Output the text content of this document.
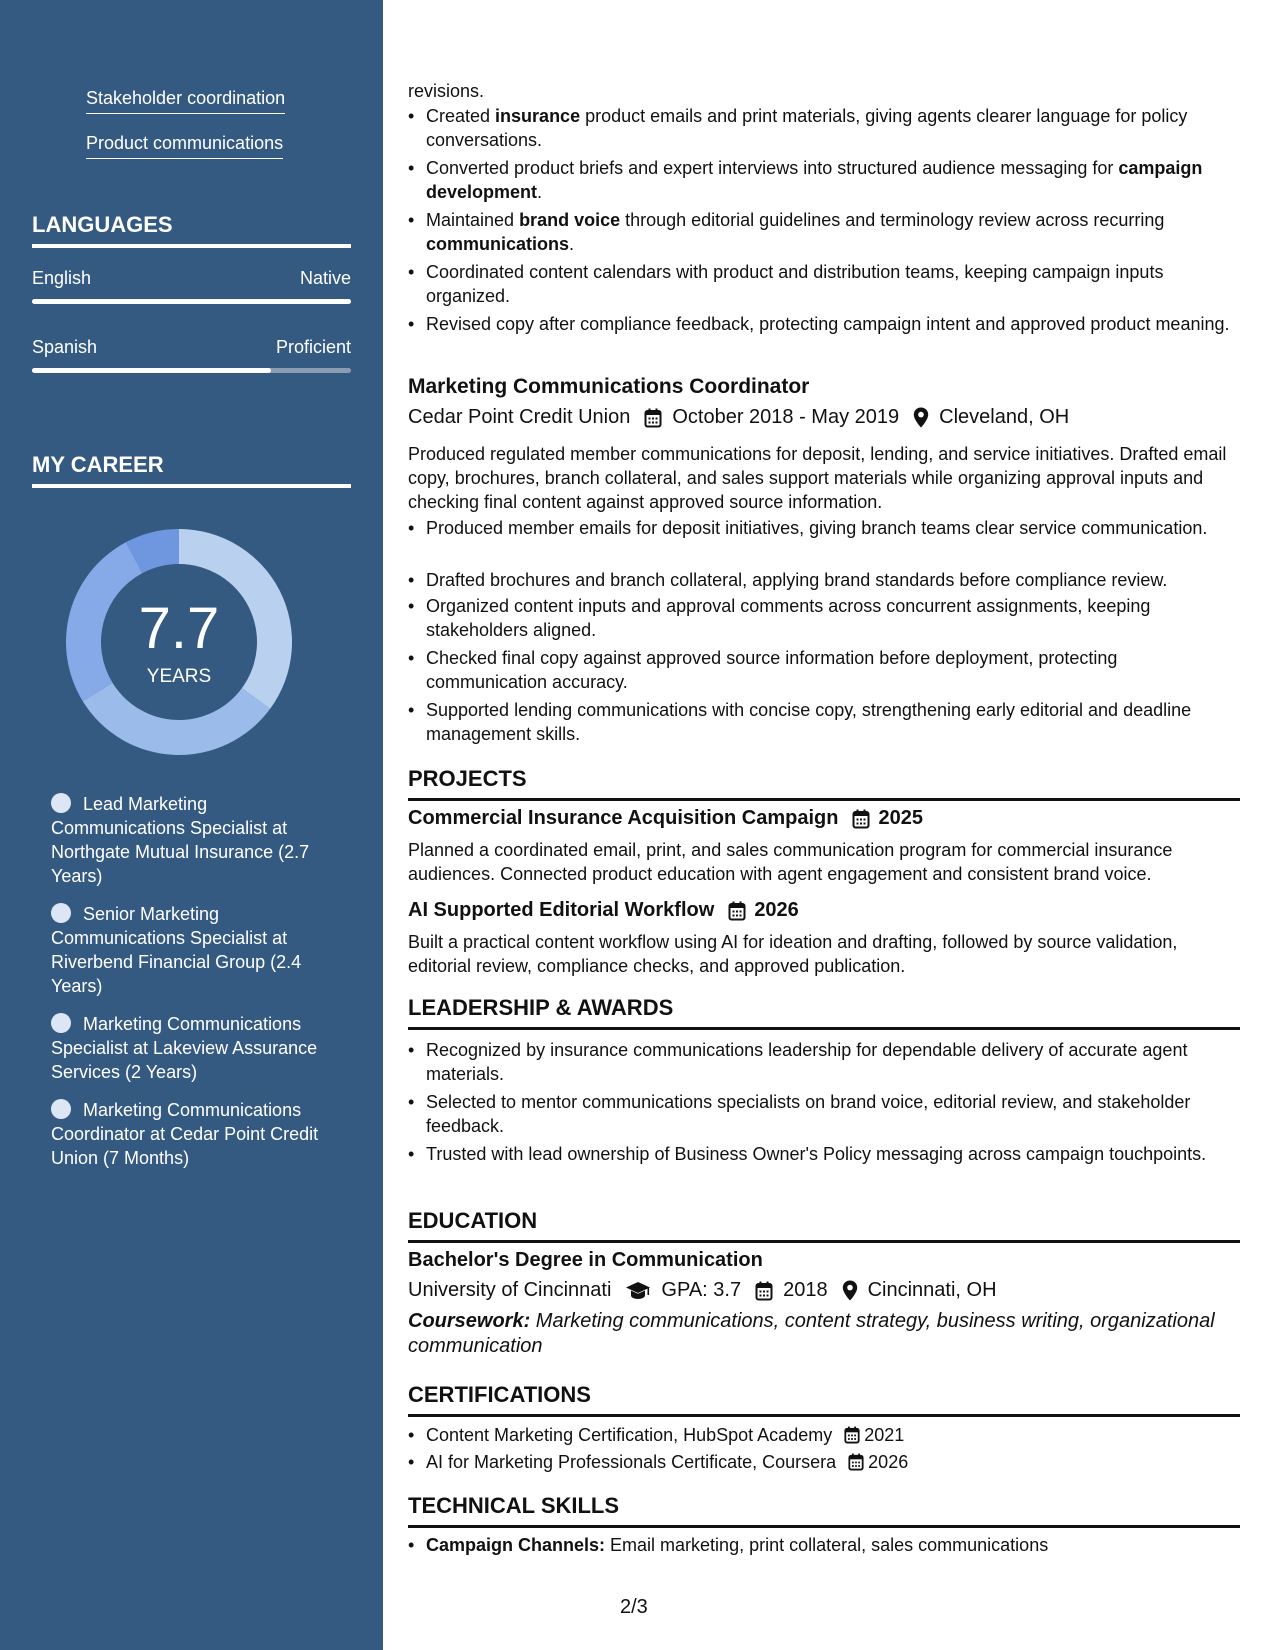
Stakeholder coordination
Product communications
LANGUAGES
English	Native
Spanish	Proficient
MY CAREER
7.7
YEARS
Lead Marketing Communications Specialist at Northgate Mutual Insurance (2.7 Years)
Senior Marketing Communications Specialist at Riverbend Financial Group (2.4 Years)
Marketing Communications Specialist at Lakeview Assurance Services (2 Years)
Marketing Communications Coordinator at Cedar Point Credit Union (7 Months)
revisions.
• Created insurance product emails and print materials, giving agents clearer language for policy conversations.
• Converted product briefs and expert interviews into structured audience messaging for campaign development.
• Maintained brand voice through editorial guidelines and terminology review across recurring communications.
• Coordinated content calendars with product and distribution teams, keeping campaign inputs organized.
• Revised copy after compliance feedback, protecting campaign intent and approved product meaning.
Marketing Communications Coordinator
Cedar Point Credit Union October 2018 - May 2019 Cleveland, OH
Produced regulated member communications for deposit, lending, and service initiatives. Drafted email copy, brochures, branch collateral, and sales support materials while organizing approval inputs and checking final content against approved source information.
• Produced member emails for deposit initiatives, giving branch teams clear service communication.
• Drafted brochures and branch collateral, applying brand standards before compliance review.
• Organized content inputs and approval comments across concurrent assignments, keeping stakeholders aligned.
• Checked final copy against approved source information before deployment, protecting communication accuracy.
• Supported lending communications with concise copy, strengthening early editorial and deadline management skills.
PROJECTS
Commercial Insurance Acquisition Campaign 2025
Planned a coordinated email, print, and sales communication program for commercial insurance audiences. Connected product education with agent engagement and consistent brand voice.
AI Supported Editorial Workflow 2026
Built a practical content workflow using AI for ideation and drafting, followed by source validation, editorial review, compliance checks, and approved publication.
LEADERSHIP & AWARDS
• Recognized by insurance communications leadership for dependable delivery of accurate agent materials.
• Selected to mentor communications specialists on brand voice, editorial review, and stakeholder feedback.
• Trusted with lead ownership of Business Owner's Policy messaging across campaign touchpoints.
EDUCATION
Bachelor's Degree in Communication
University of Cincinnati	GPA: 3.7 2018 Cincinnati, OH
Coursework: Marketing communications, content strategy, business writing, organizational communication
CERTIFICATIONS
• Content Marketing Certification, HubSpot Academy 2021
• AI for Marketing Professionals Certificate, Coursera 2026
TECHNICAL SKILLS
• Campaign Channels: Email marketing, print collateral, sales communications
2/3
